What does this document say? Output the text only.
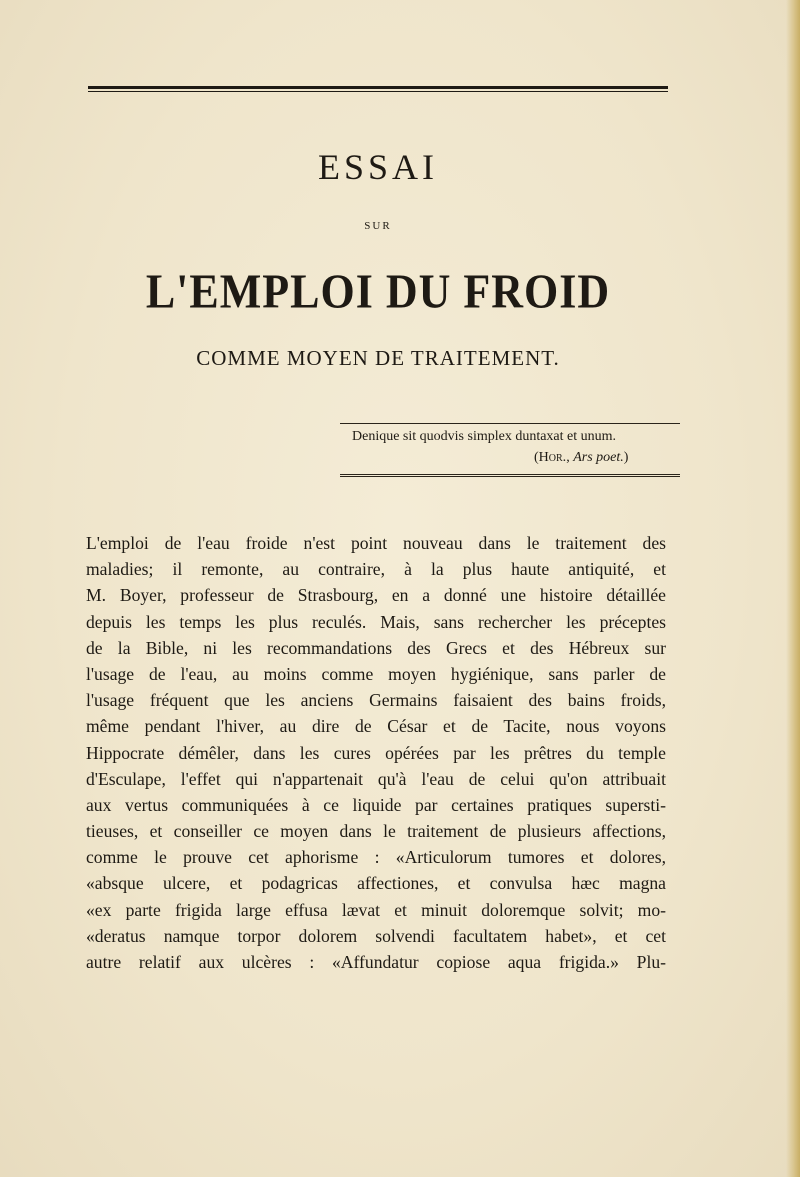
ESSAI
SUR
L'EMPLOI DU FROID
COMME MOYEN DE TRAITEMENT.
Denique sit quodvis simplex duntaxat et unum.
(Hor., Ars poet.)
L'emploi de l'eau froide n'est point nouveau dans le traitement des
maladies; il remonte, au contraire, à la plus haute antiquité, et
M. Boyer, professeur de Strasbourg, en a donné une histoire détaillée
depuis les temps les plus reculés. Mais, sans rechercher les préceptes
de la Bible, ni les recommandations des Grecs et des Hébreux sur
l'usage de l'eau, au moins comme moyen hygiénique, sans parler de
l'usage fréquent que les anciens Germains faisaient des bains froids,
même pendant l'hiver, au dire de César et de Tacite, nous voyons
Hippocrate démêler, dans les cures opérées par les prêtres du temple
d'Esculape, l'effet qui n'appartenait qu'à l'eau de celui qu'on attribuait
aux vertus communiquées à ce liquide par certaines pratiques supersti-
tieuses, et conseiller ce moyen dans le traitement de plusieurs affections,
comme le prouve cet aphorisme : «Articulorum tumores et dolores,
«absque ulcere, et podagricas affectiones, et convulsa hæc magna
«ex parte frigida large effusa lævat et minuit doloremque solvit; mo-
«deratus namque torpor dolorem solvendi facultatem habet», et cet
autre relatif aux ulcères : «Affundatur copiose aqua frigida.» Plu-
